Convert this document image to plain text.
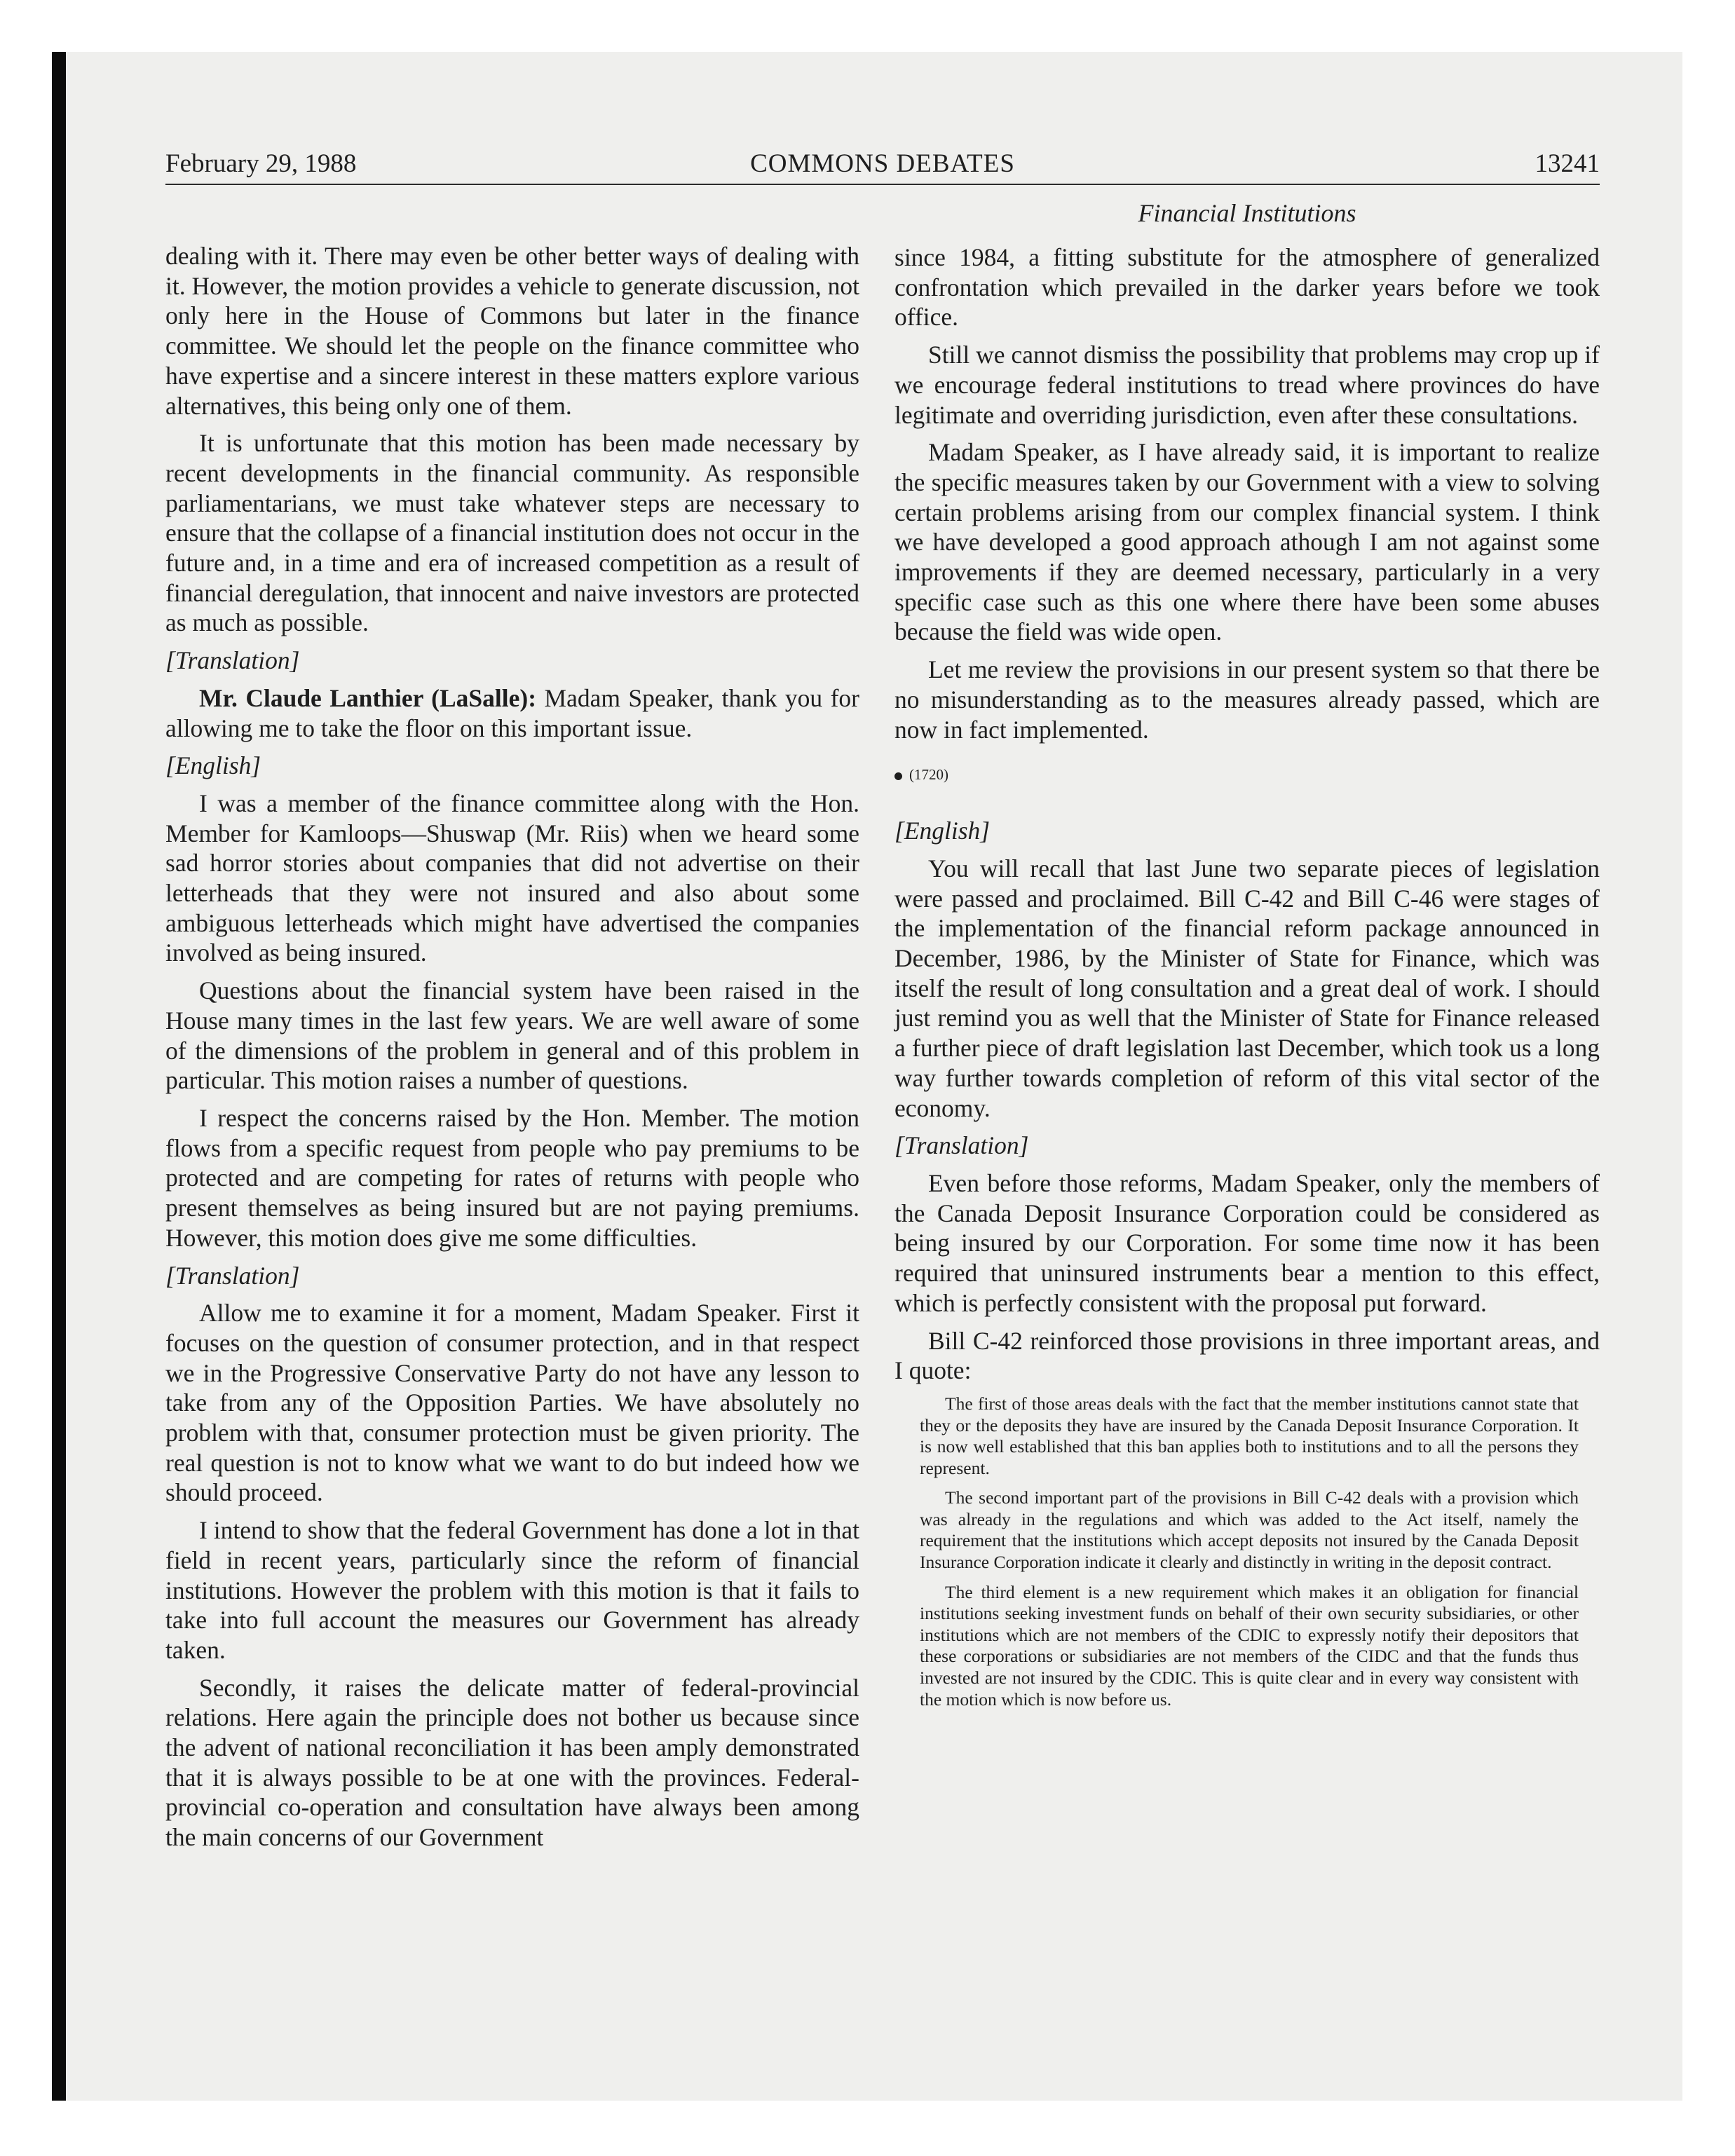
February 29, 1988	COMMONS DEBATES	13241
Financial Institutions

dealing with it. There may even be other better ways of dealing with it. However, the motion provides a vehicle to generate discussion, not only here in the House of Commons but later in the finance committee. We should let the people on the finance committee who have expertise and a sincere interest in these matters explore various alternatives, this being only one of them.

It is unfortunate that this motion has been made necessary by recent developments in the financial community. As responsible parliamentarians, we must take whatever steps are necessary to ensure that the collapse of a financial institution does not occur in the future and, in a time and era of increased competition as a result of financial deregulation, that innocent and naive investors are protected as much as possible.

[Translation]

Mr. Claude Lanthier (LaSalle): Madam Speaker, thank you for allowing me to take the floor on this important issue.

[English]

I was a member of the finance committee along with the Hon. Member for Kamloops—Shuswap (Mr. Riis) when we heard some sad horror stories about companies that did not advertise on their letterheads that they were not insured and also about some ambiguous letterheads which might have advertised the companies involved as being insured.

Questions about the financial system have been raised in the House many times in the last few years. We are well aware of some of the dimensions of the problem in general and of this problem in particular. This motion raises a number of questions.

I respect the concerns raised by the Hon. Member. The motion flows from a specific request from people who pay premiums to be protected and are competing for rates of returns with people who present themselves as being insured but are not paying premiums. However, this motion does give me some difficulties.

[Translation]

Allow me to examine it for a moment, Madam Speaker. First it focuses on the question of consumer protection, and in that respect we in the Progressive Conservative Party do not have any lesson to take from any of the Opposition Parties. We have absolutely no problem with that, consumer protection must be given priority. The real question is not to know what we want to do but indeed how we should proceed.

I intend to show that the federal Government has done a lot in that field in recent years, particularly since the reform of financial institutions. However the problem with this motion is that it fails to take into full account the measures our Government has already taken.

Secondly, it raises the delicate matter of federal-provincial relations. Here again the principle does not bother us because since the advent of national reconciliation it has been amply demonstrated that it is always possible to be at one with the provinces. Federal-provincial co-operation and consultation have always been among the main concerns of our Government

since 1984, a fitting substitute for the atmosphere of generalized confrontation which prevailed in the darker years before we took office.

Still we cannot dismiss the possibility that problems may crop up if we encourage federal institutions to tread where provinces do have legitimate and overriding jurisdiction, even after these consultations.

Madam Speaker, as I have already said, it is important to realize the specific measures taken by our Government with a view to solving certain problems arising from our complex financial system. I think we have developed a good approach athough I am not against some improvements if they are deemed necessary, particularly in a very specific case such as this one where there have been some abuses because the field was wide open.

Let me review the provisions in our present system so that there be no misunderstanding as to the measures already passed, which are now in fact implemented.

(1720)

[English]

You will recall that last June two separate pieces of legislation were passed and proclaimed. Bill C-42 and Bill C-46 were stages of the implementation of the financial reform package announced in December, 1986, by the Minister of State for Finance, which was itself the result of long consultation and a great deal of work. I should just remind you as well that the Minister of State for Finance released a further piece of draft legislation last December, which took us a long way further towards completion of reform of this vital sector of the economy.

[Translation]

Even before those reforms, Madam Speaker, only the members of the Canada Deposit Insurance Corporation could be considered as being insured by our Corporation. For some time now it has been required that uninsured instruments bear a mention to this effect, which is perfectly consistent with the proposal put forward.

Bill C-42 reinforced those provisions in three important areas, and I quote:

The first of those areas deals with the fact that the member institutions cannot state that they or the deposits they have are insured by the Canada Deposit Insurance Corporation. It is now well established that this ban applies both to institutions and to all the persons they represent.

The second important part of the provisions in Bill C-42 deals with a provision which was already in the regulations and which was added to the Act itself, namely the requirement that the institutions which accept deposits not insured by the Canada Deposit Insurance Corporation indicate it clearly and distinctly in writing in the deposit contract.

The third element is a new requirement which makes it an obligation for financial institutions seeking investment funds on behalf of their own security subsidiaries, or other institutions which are not members of the CDIC to expressly notify their depositors that these corporations or subsidiaries are not members of the CIDC and that the funds thus invested are not insured by the CDIC. This is quite clear and in every way consistent with the motion which is now before us.
